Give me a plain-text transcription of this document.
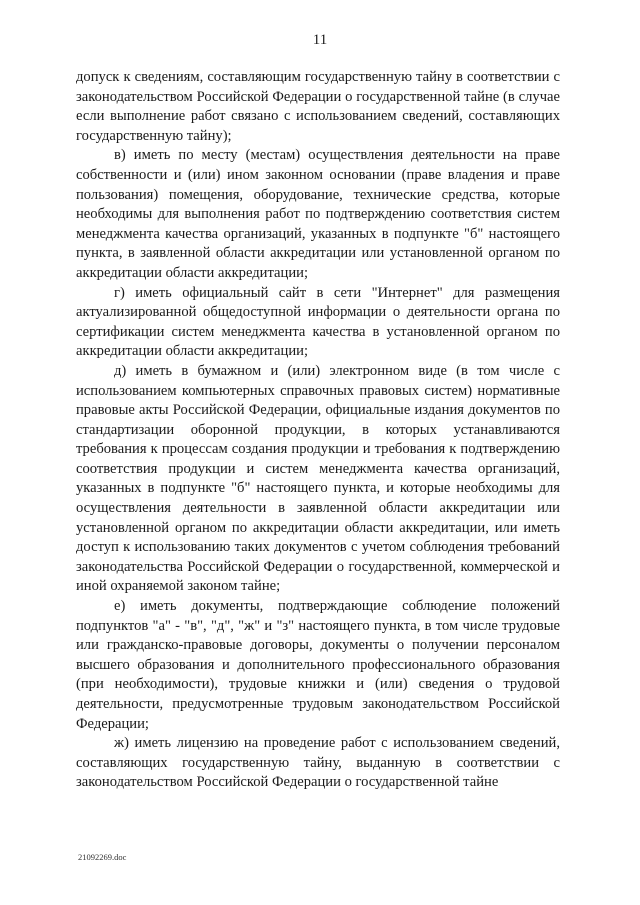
11

допуск к сведениям, составляющим государственную тайну в соответствии с законодательством Российской Федерации о государственной тайне (в случае если выполнение работ связано с использованием сведений, составляющих государственную тайну);

в) иметь по месту (местам) осуществления деятельности на праве собственности и (или) ином законном основании (праве владения и праве пользования) помещения, оборудование, технические средства, которые необходимы для выполнения работ по подтверждению соответствия систем менеджмента качества организаций, указанных в подпункте "б" настоящего пункта, в заявленной области аккредитации или установленной органом по аккредитации области аккредитации;

г) иметь официальный сайт в сети "Интернет" для размещения актуализированной общедоступной информации о деятельности органа по сертификации систем менеджмента качества в установленной органом по аккредитации области аккредитации;

д) иметь в бумажном и (или) электронном виде (в том числе с использованием компьютерных справочных правовых систем) нормативные правовые акты Российской Федерации, официальные издания документов по стандартизации оборонной продукции, в которых устанавливаются требования к процессам создания продукции и требования к подтверждению соответствия продукции и систем менеджмента качества организаций, указанных в подпункте "б" настоящего пункта, и которые необходимы для осуществления деятельности в заявленной области аккредитации или установленной органом по аккредитации области аккредитации, или иметь доступ к использованию таких документов с учетом соблюдения требований законодательства Российской Федерации о государственной, коммерческой и иной охраняемой законом тайне;

е) иметь документы, подтверждающие соблюдение положений подпунктов "а" - "в", "д", "ж" и "з" настоящего пункта, в том числе трудовые или гражданско-правовые договоры, документы о получении персоналом высшего образования и дополнительного профессионального образования (при необходимости), трудовые книжки и (или) сведения о трудовой деятельности, предусмотренные трудовым законодательством Российской Федерации;

ж) иметь лицензию на проведение работ с использованием сведений, составляющих государственную тайну, выданную в соответствии с законодательством Российской Федерации о государственной тайне

21092269.doc
